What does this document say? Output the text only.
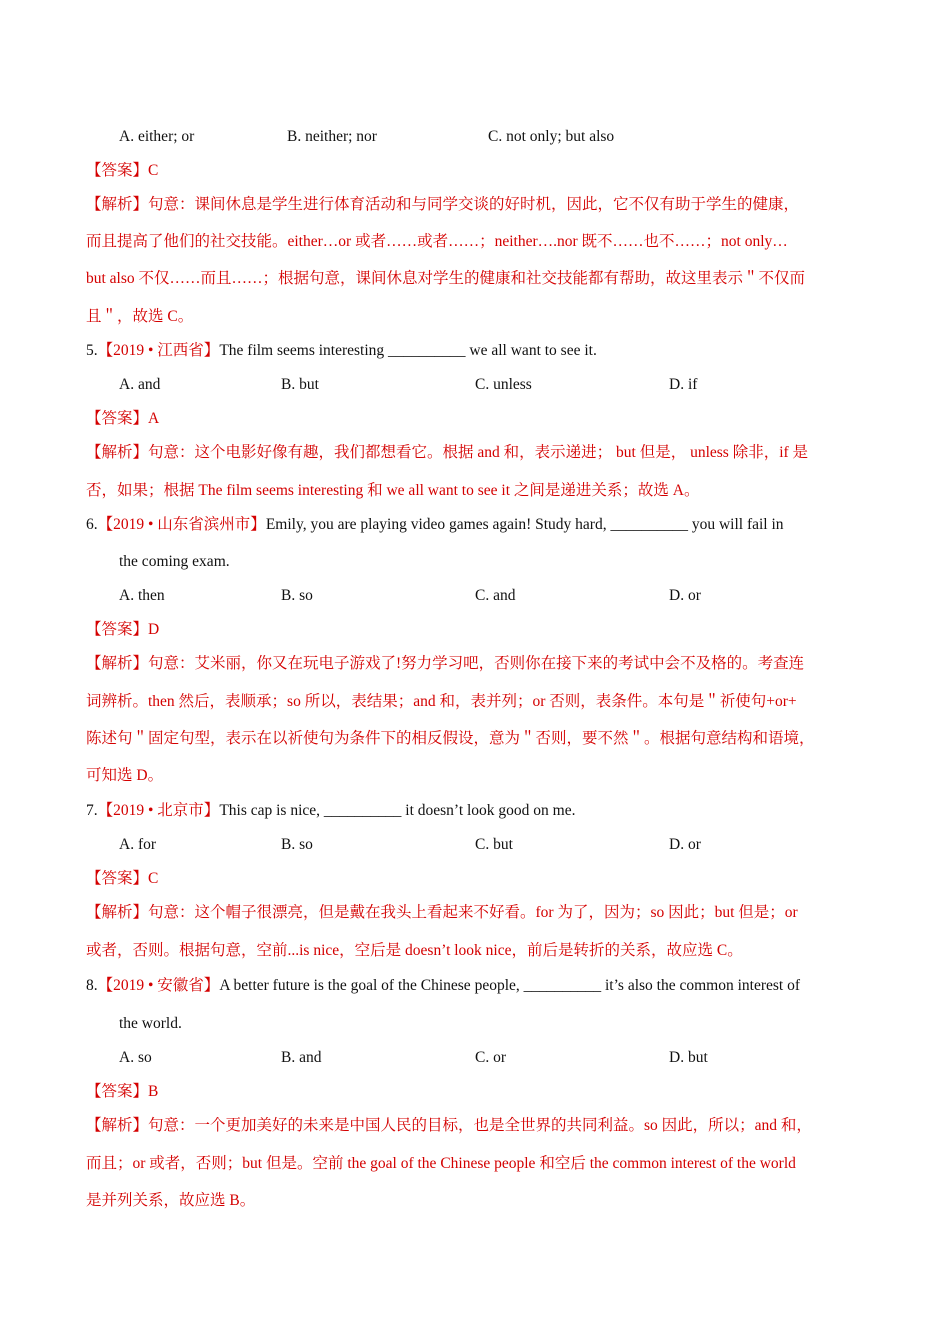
A. either; or	B. neither; nor	C. not only; but also
【答案】C
【解析】句意：课间休息是学生进行体育活动和与同学交谈的好时机，因此，它不仅有助于学生的健康，
而且提高了他们的社交技能。either…or 或者……或者……；neither….nor 既不……也不……；not only…
but also 不仅……而且……；根据句意，课间休息对学生的健康和社交技能都有帮助，故这里表示＂不仅而
且＂，故选 C。
5.【2019 • 江西省】The film seems interesting __________ we all want to see it.
A. and	B. but	C. unless	D. if
【答案】A
【解析】句意：这个电影好像有趣，我们都想看它。根据 and 和，表示递进； but 但是， unless 除非，if 是
否，如果；根据 The film seems interesting 和 we all want to see it 之间是递进关系；故选 A。
6.【2019 • 山东省滨州市】Emily, you are playing video games again! Study hard, __________ you will fail in
the coming exam.
A. then	B. so	C. and	D. or
【答案】D
【解析】句意：艾米丽，你又在玩电子游戏了!努力学习吧，否则你在接下来的考试中会不及格的。考查连
词辨析。then 然后，表顺承；so 所以，表结果；and 和，表并列；or 否则，表条件。本句是＂祈使句+or+
陈述句＂固定句型，表示在以祈使句为条件下的相反假设，意为＂否则，要不然＂。根据句意结构和语境，
可知选 D。
7.【2019 • 北京市】This cap is nice, __________ it doesn’t look good on me.
A. for	B. so	C. but	D. or
【答案】C
【解析】句意：这个帽子很漂亮，但是戴在我头上看起来不好看。for 为了，因为；so 因此；but 但是；or
或者，否则。根据句意，空前...is nice，空后是 doesn’t look nice，前后是转折的关系，故应选 C。
8.【2019 • 安徽省】A better future is the goal of the Chinese people, __________ it’s also the common interest of
the world.
A. so	B. and	C. or	D. but
【答案】B
【解析】句意：一个更加美好的未来是中国人民的目标，也是全世界的共同利益。so 因此，所以；and 和，
而且；or 或者，否则；but 但是。空前 the goal of the Chinese people 和空后 the common interest of the world
是并列关系，故应选 B。
